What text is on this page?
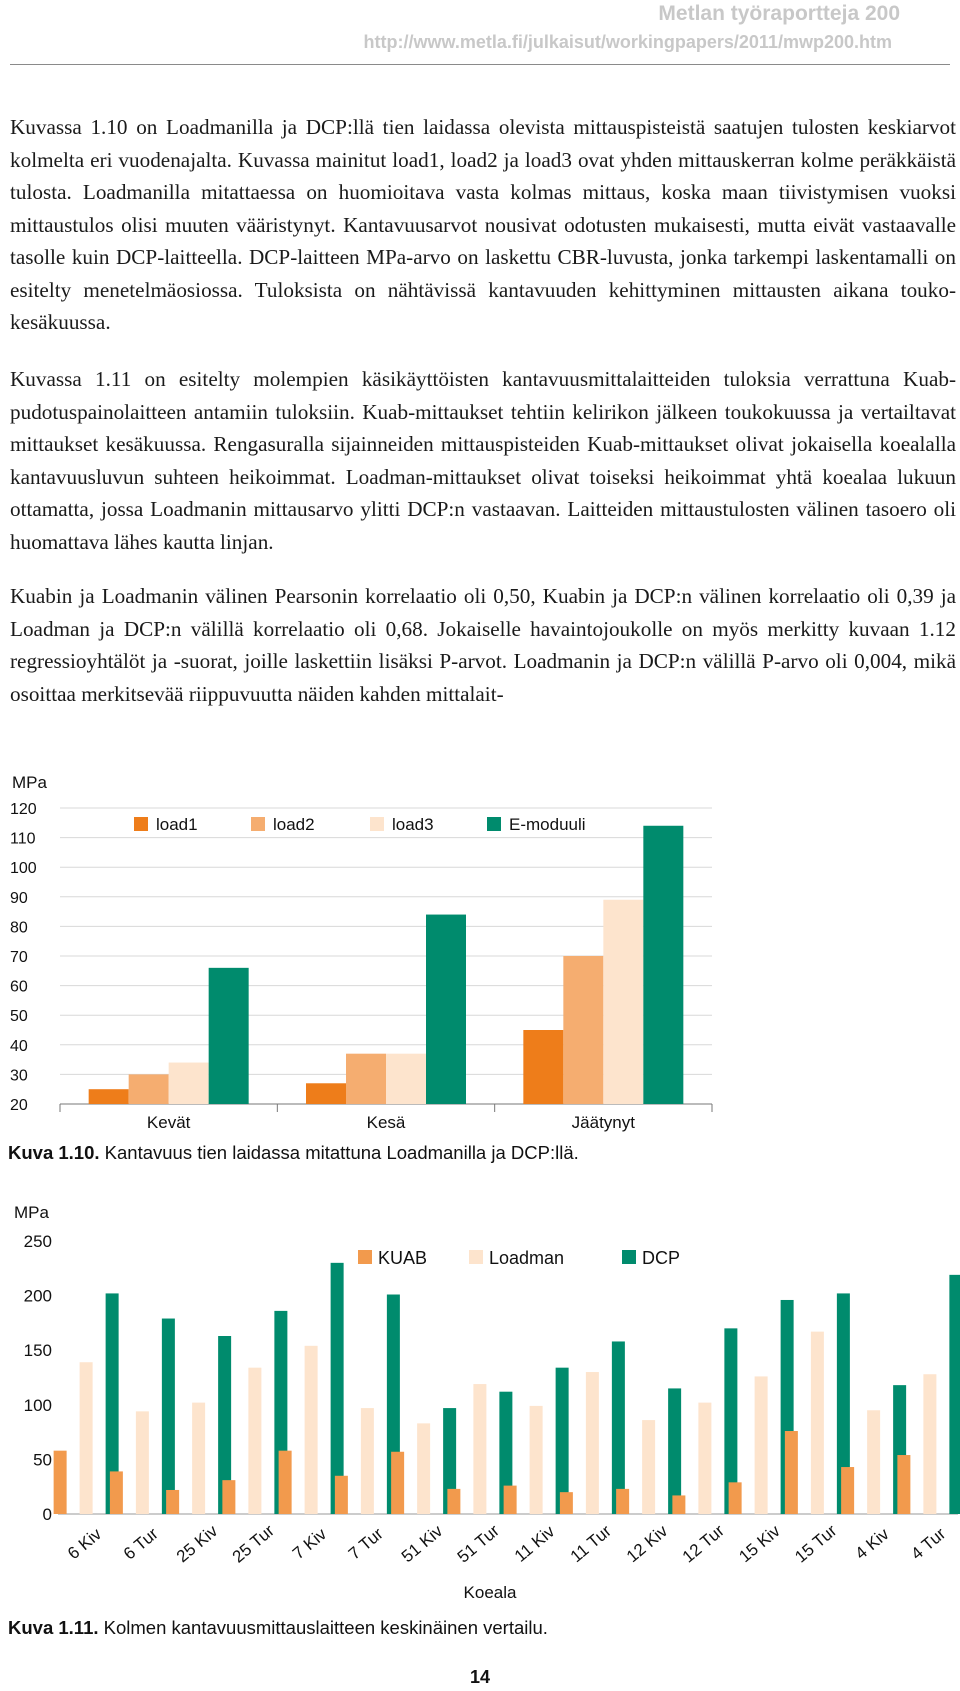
Metlan työraportteja 200
http://www.metla.fi/julkaisut/workingpapers/2011/mwp200.htm
Kuvassa 1.10 on Loadmanilla ja DCP:llä tien laidassa olevista mittauspisteistä saatujen tulosten keskiarvot kolmelta eri vuodenajalta. Kuvassa mainitut load1, load2 ja load3 ovat yhden mittauskerran kolme peräkkäistä tulosta. Loadmanilla mitattaessa on huomioitava vasta kolmas mittaus, koska maan tiivistymisen vuoksi mittaustulos olisi muuten vääristynyt. Kantavuusarvot nousivat odotusten mukaisesti, mutta eivät vastaavalle tasolle kuin DCP-laitteella. DCP-laitteen MPa-arvo on laskettu CBR-luvusta, jonka tarkempi laskentamalli on esitelty menetelmäosiossa. Tuloksista on nähtävissä kantavuuden kehittyminen mittausten aikana touko-kesäkuussa.
Kuvassa 1.11 on esitelty molempien käsikäyttöisten kantavuusmittalaitteiden tuloksia verrattuna Kuab-pudotuspainolaitteen antamiin tuloksiin. Kuab-mittaukset tehtiin kelirikon jälkeen toukokuussa ja vertailtavat mittaukset kesäkuussa. Rengasuralla sijainneiden mittauspisteiden Kuab-mittaukset olivat jokaisella koealalla kantavuusluvun suhteen heikoimmat. Loadman-mittaukset olivat toiseksi heikoimmat yhtä koealaa lukuun ottamatta, jossa Loadmanin mittausarvo ylitti DCP:n vastaavan. Laitteiden mittaustulosten välinen tasoero oli huomattava lähes kautta linjan.
Kuabin ja Loadmanin välinen Pearsonin korrelaatio oli 0,50, Kuabin ja DCP:n välinen korrelaatio oli 0,39 ja Loadman ja DCP:n välillä korrelaatio oli 0,68. Jokaiselle havaintojoukolle on myös merkitty kuvaan 1.12 regressioyhtälöt ja -suorat, joille laskettiin lisäksi P-arvot. Loadmanin ja DCP:n välillä P-arvo oli 0,004, mikä osoittaa merkitsevää riippuvuutta näiden kahden mittalait-
MPa
20
30
40
50
60
70
80
90
100
110
120
Kevät	Kesä	Jäätynyt
load1	load2	load3	E-moduuli
Kuva 1.10. Kantavuus tien laidassa mitattuna Loadmanilla ja DCP:llä.
MPa
0
50
100
150
200
250
6 Kiv 6 Tur 25 Kiv 25 Tur 7 Kiv 7 Tur 51 Kiv 51 Tur 11 Kiv 11 Tur 12 Kiv 12 Tur 15 Kiv 15 Tur 4 Kiv 4 Tur
Koeala
KUAB	Loadman	DCP
Kuva 1.11. Kolmen kantavuusmittauslaitteen keskinäinen vertailu.
14
